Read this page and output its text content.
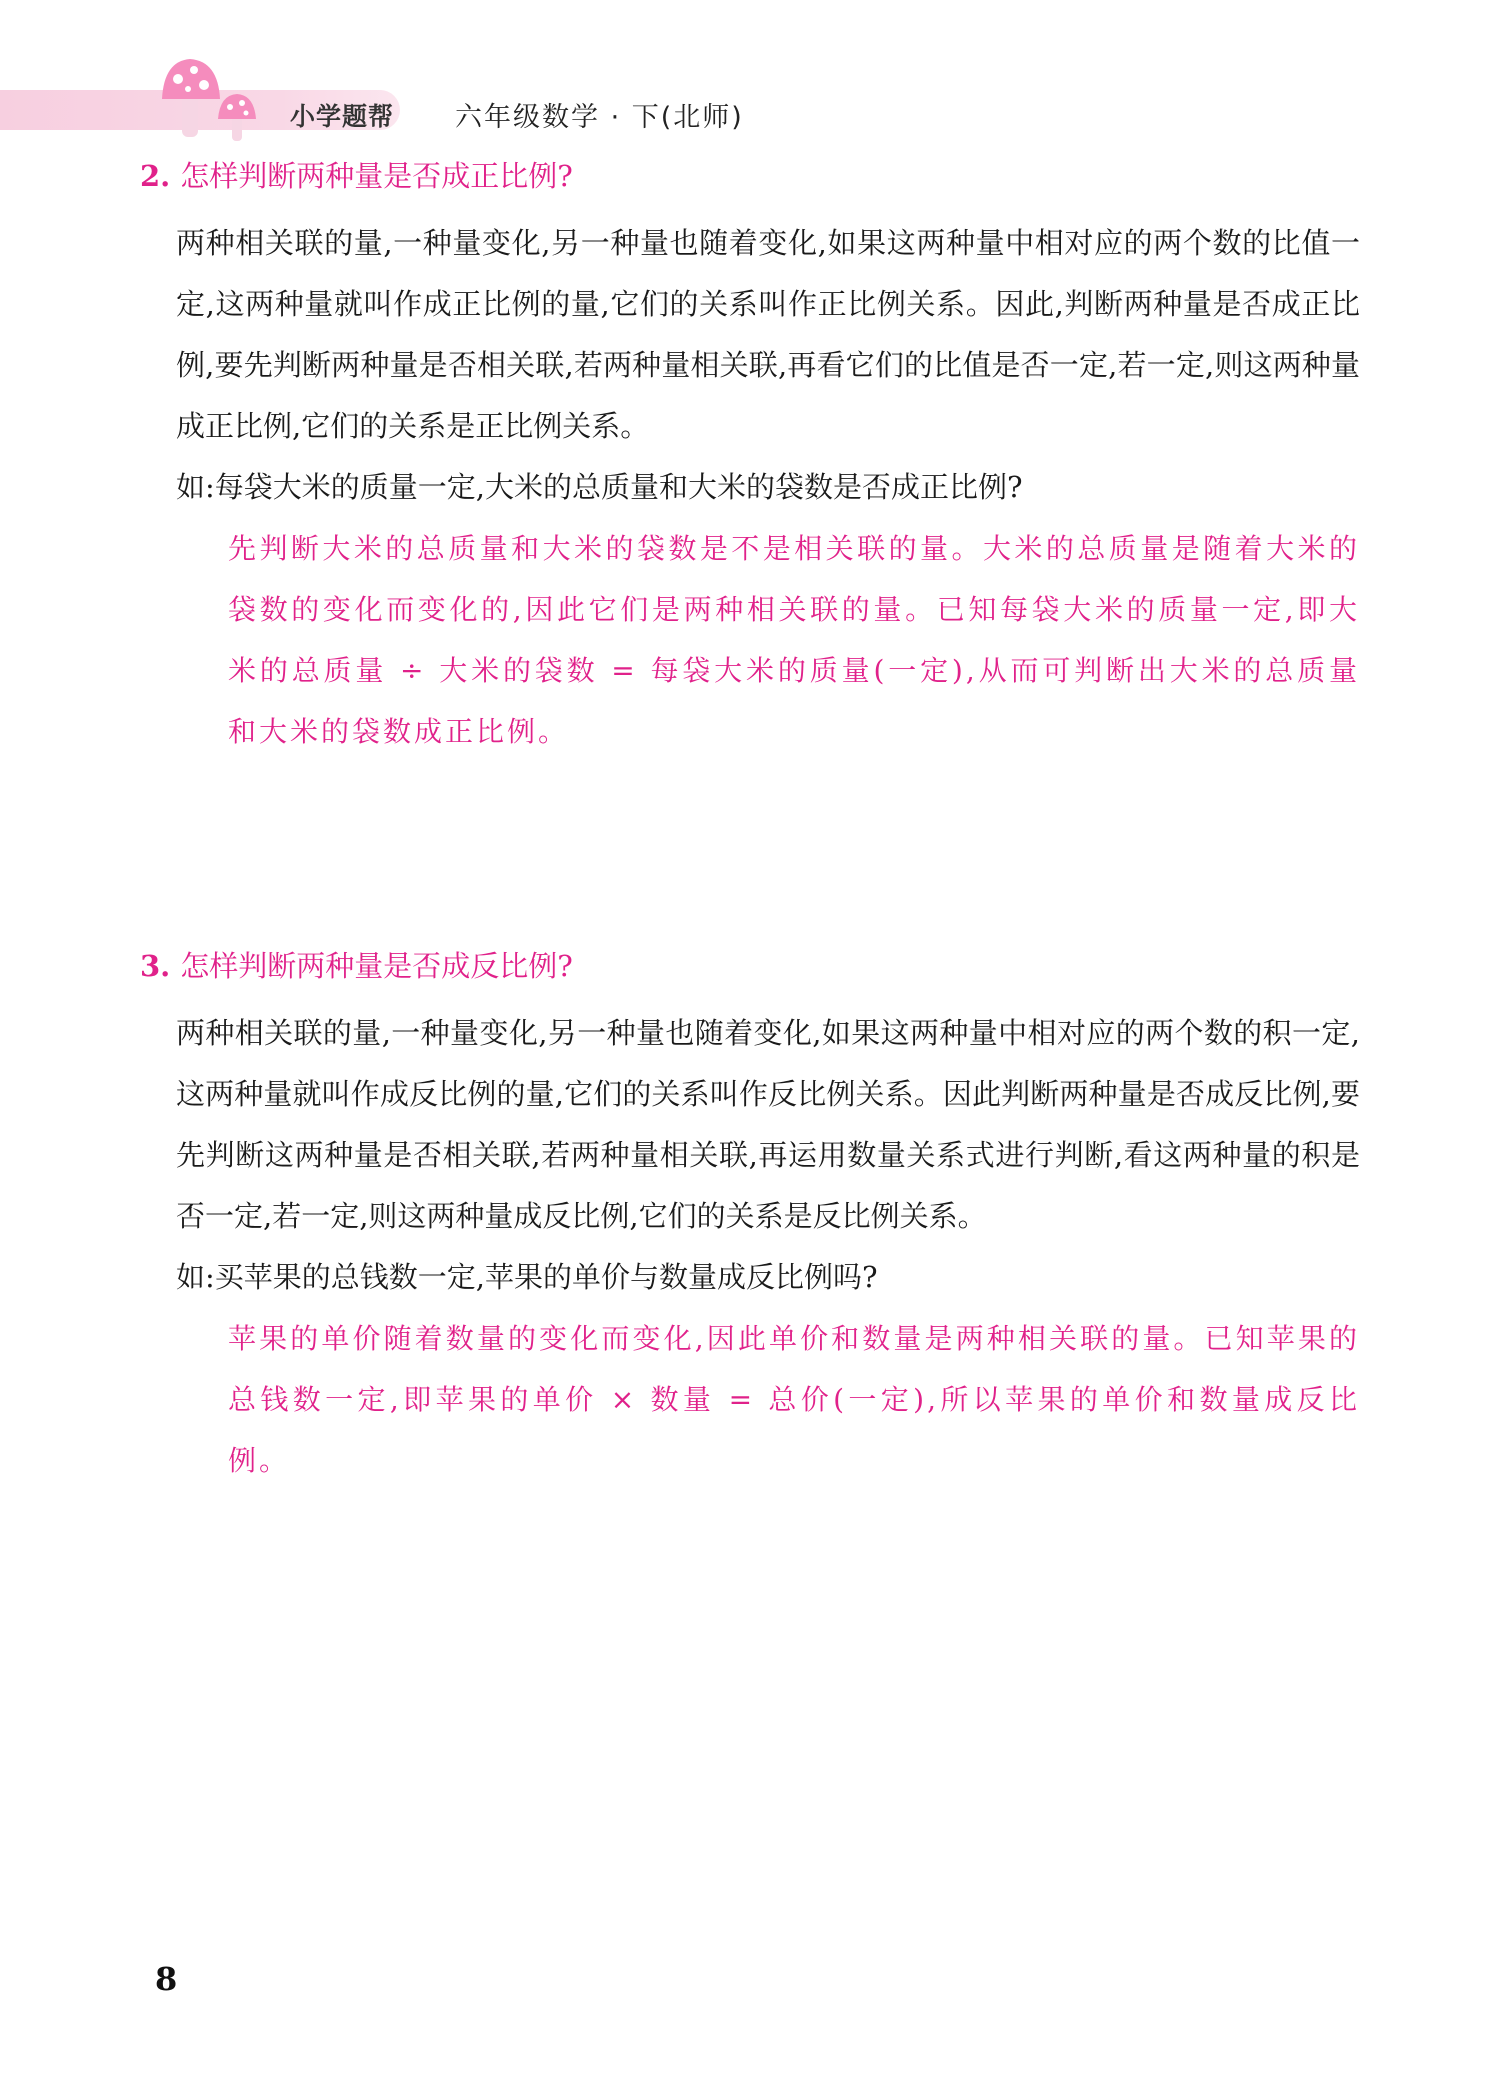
小学题帮 六年级数学 · 下(北师)
2. 怎样判断两种量是否成正比例?

两种相关联的量,一种量变化,另一种量也随着变化,如果这两种量中相对应的两个数的比值一定,这两种量就叫作成正比例的量,它们的关系叫作正比例关系。因此,判断两种量是否成正比例,要先判断两种量是否相关联,若两种量相关联,再看它们的比值是否一定,若一定,则这两种量成正比例,它们的关系是正比例关系。

如:每袋大米的质量一定,大米的总质量和大米的袋数是否成正比例?

先判断大米的总质量和大米的袋数是不是相关联的量。大米的总质量是随着大米的袋数的变化而变化的,因此它们是两种相关联的量。已知每袋大米的质量一定,即大米的总质量 ÷ 大米的袋数 = 每袋大米的质量(一定),从而可判断出大米的总质量和大米的袋数成正比例。

3. 怎样判断两种量是否成反比例?

两种相关联的量,一种量变化,另一种量也随着变化,如果这两种量中相对应的两个数的积一定,这两种量就叫作成反比例的量,它们的关系叫作反比例关系。因此判断两种量是否成反比例,要先判断这两种量是否相关联,若两种量相关联,再运用数量关系式进行判断,看这两种量的积是否一定,若一定,则这两种量成反比例,它们的关系是反比例关系。

如:买苹果的总钱数一定,苹果的单价与数量成反比例吗?

苹果的单价随着数量的变化而变化,因此单价和数量是两种相关联的量。已知苹果的总钱数一定,即苹果的单价 × 数量 = 总价(一定),所以苹果的单价和数量成反比例。

8
